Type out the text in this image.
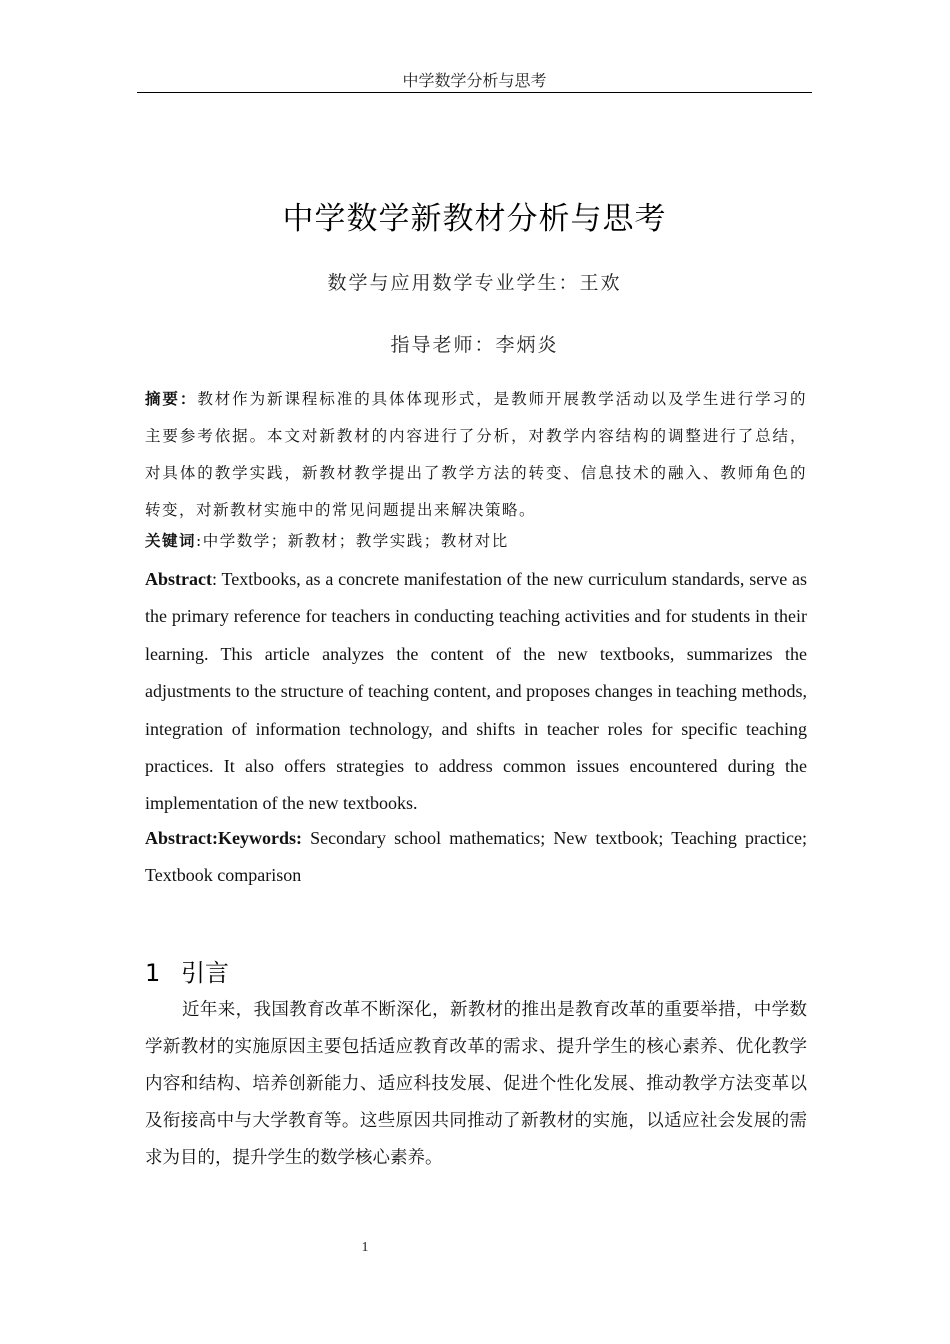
中学数学分析与思考
中学数学新教材分析与思考
数学与应用数学专业学生：王欢
指导老师：李炳炎
摘要：教材作为新课程标准的具体体现形式，是教师开展教学活动以及学生进行学习的主要参考依据。本文对新教材的内容进行了分析，对教学内容结构的调整进行了总结，对具体的教学实践，新教材教学提出了教学方法的转变、信息技术的融入、教师角色的转变，对新教材实施中的常见问题提出来解决策略。
关键词:中学数学；新教材；教学实践；教材对比
Abstract: Textbooks, as a concrete manifestation of the new curriculum standards, serve as the primary reference for teachers in conducting teaching activities and for students in their learning. This article analyzes the content of the new textbooks, summarizes the adjustments to the structure of teaching content, and proposes changes in teaching methods, integration of information technology, and shifts in teacher roles for specific teaching practices. It also offers strategies to address common issues encountered during the implementation of the new textbooks.
Abstract:Keywords: Secondary school mathematics; New textbook; Teaching practice; Textbook comparison
1 引言

近年来，我国教育改革不断深化，新教材的推出是教育改革的重要举措，中学数学新教材的实施原因主要包括适应教育改革的需求、提升学生的核心素养、优化教学内容和结构、培养创新能力、适应科技发展、促进个性化发展、推动教学方法变革以及衔接高中与大学教育等。这些原因共同推动了新教材的实施，以适应社会发展的需求为目的，提升学生的数学核心素养。

1
